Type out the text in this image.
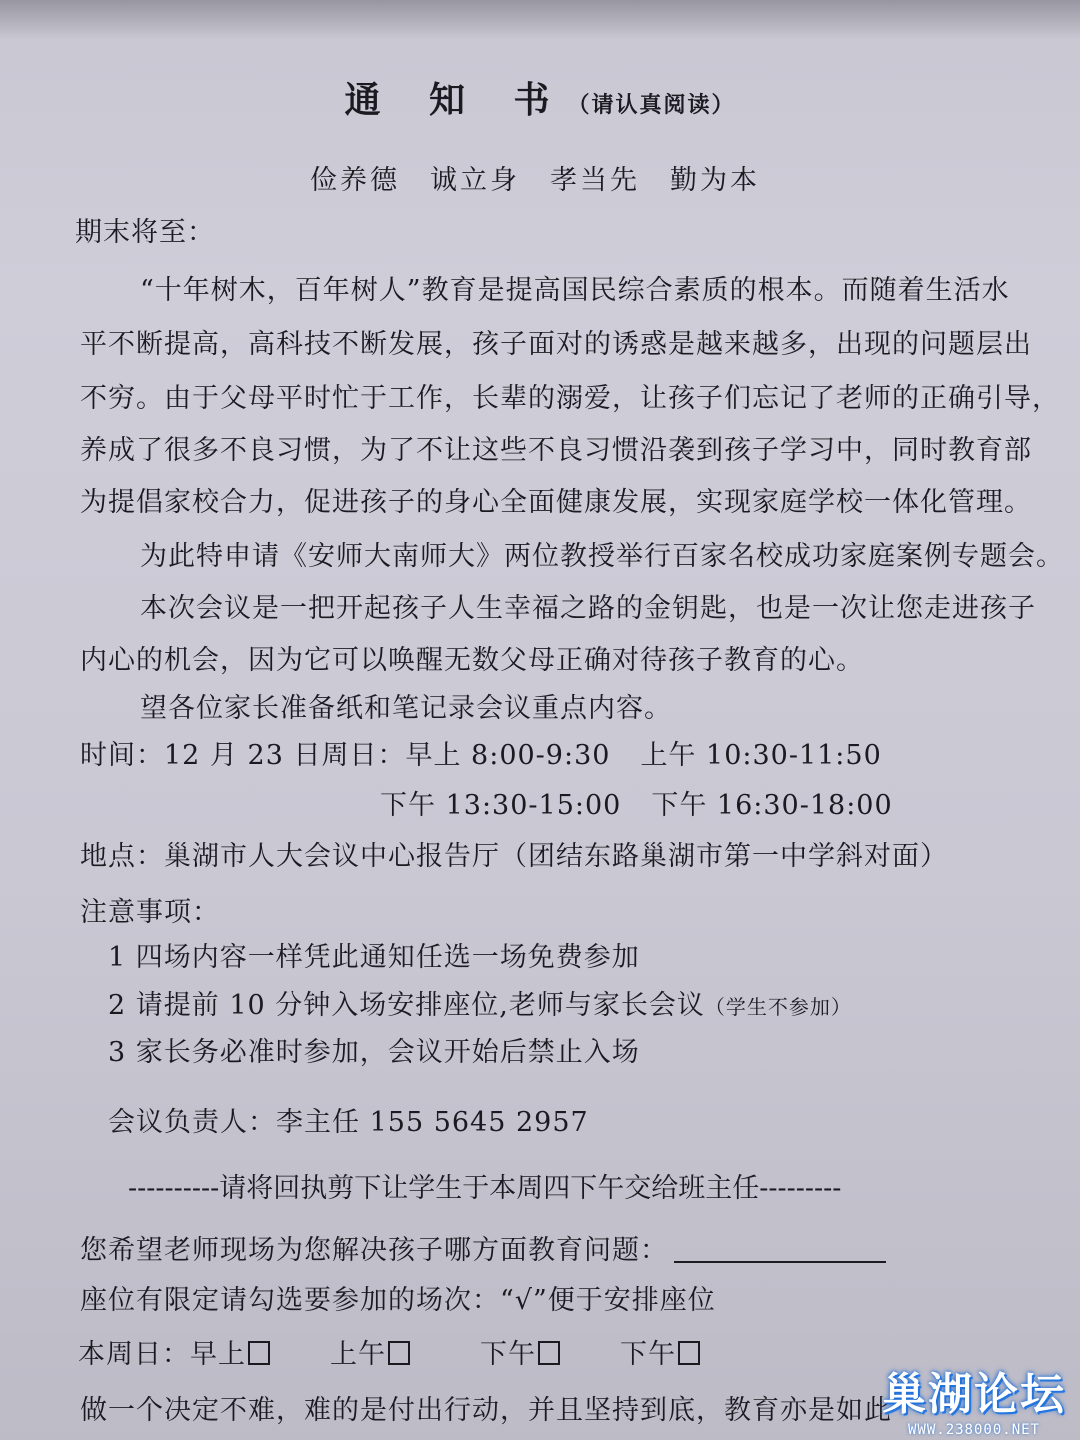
通 知 书（请认真阅读）
俭养德 诚立身 孝当先 勤为本
期末将至：
“十年树木，百年树人”教育是提高国民综合素质的根本。而随着生活水
平不断提高，高科技不断发展，孩子面对的诱惑是越来越多，出现的问题层出
不穷。由于父母平时忙于工作，长辈的溺爱，让孩子们忘记了老师的正确引导，
养成了很多不良习惯，为了不让这些不良习惯沿袭到孩子学习中，同时教育部
为提倡家校合力，促进孩子的身心全面健康发展，实现家庭学校一体化管理。
为此特申请《安师大南师大》两位教授举行百家名校成功家庭案例专题会。
本次会议是一把开起孩子人生幸福之路的金钥匙，也是一次让您走进孩子
内心的机会，因为它可以唤醒无数父母正确对待孩子教育的心。
望各位家长准备纸和笔记录会议重点内容。
时间：12 月 23 日周日：早上 8:00-9:30 上午 10:30-11:50
下午 13:30-15:00 下午 16:30-18:00
地点：巢湖市人大会议中心报告厅（团结东路巢湖市第一中学斜对面）
注意事项：
1 四场内容一样凭此通知任选一场免费参加
2 请提前 10 分钟入场安排座位,老师与家长会议（学生不参加）
3 家长务必准时参加，会议开始后禁止入场
会议负责人：李主任 155 5645 2957
----------请将回执剪下让学生于本周四下午交给班主任---------
您希望老师现场为您解决孩子哪方面教育问题：
座位有限定请勾选要参加的场次：“√”便于安排座位
本周日：早上	上午	下午	下午
做一个决定不难，难的是付出行动，并且坚持到底，教育亦是如此
巢湖论坛
WWW.238000.NET
